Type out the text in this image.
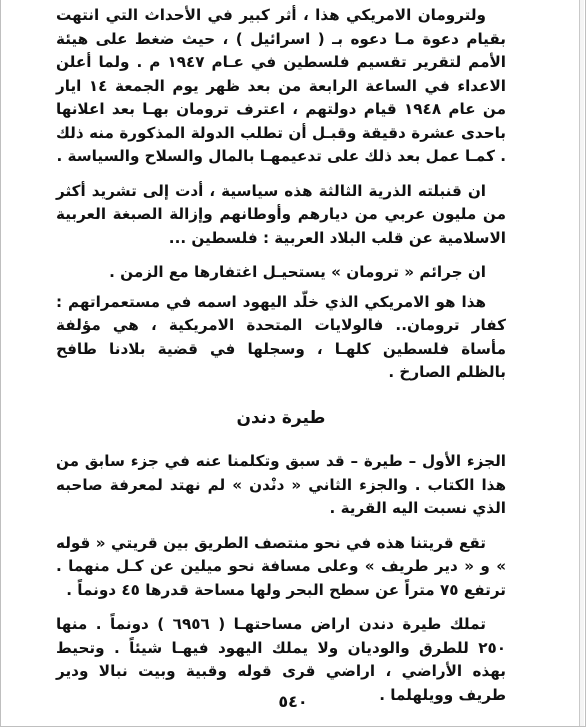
ولترومان الامريكي هذا ، أثر كبير في الأحداث التي انتهت بقيام دعوة مـا دعوه بـ ( اسرائيل ) ، حيث ضغط على هيئة الأمم لتقرير تقسيم فلسطين في عـام ١٩٤٧ م . ولما أعلن الاعداء في الساعة الرابعة من بعد ظهر يوم الجمعة ١٤ ايار من عام ١٩٤٨ قيام دولتهم ، اعترف ترومان بهـا بعد اعلانها باحدى عشرة دقيقة وقبـل أن تطلب الدولة المذكورة منه ذلك . كمـا عمل بعد ذلك على تدعيمهـا بالمال والسلاح والسياسة .

ان قنبلته الذرية الثالثة هذه سياسية ، أدت إلى تشريد أكثر من مليون عربي من ديارهم وأوطانهم وإزالة الصبغة العربية الاسلامية عن قلب البلاد العربية : فلسطين ...

ان جرائم « ترومان » يستحيـل اغتفارها مع الزمن .

هذا هو الامريكي الذي خلّد اليهود اسمه في مستعمراتهم : كفار ترومان.. فالولايات المتحدة الامريكية ، هي مؤلفة مأساة فلسطين كلهـا ، وسجلها في قضية بلادنا طافح بالظلم الصارخ .

طيرة دندن

الجزء الأول – طيرة – قد سبق وتكلمنا عنه في جزء سابق من هذا الكتاب . والجزء الثاني « دنْدن » لم نهتد لمعرفة صاحبه الذي نسبت اليه القرية .

تقع قريتنا هذه في نحو منتصف الطريق بين قريتي « قوله » و « دير طريف » وعلى مسافة نحو ميلين عن كـل منهما . ترتفع ٧٥ متراً عن سطح البحر ولها مساحة قدرها ٤٥ دونماً .

تملك طيرة دندن اراض مساحتهـا ( ٦٩٥٦ ) دونماً . منها ٢٥٠ للطرق والوديان ولا يملك اليهود فيهـا شيئاً . وتحيط بهذه الأراضي ، اراضي قرى قوله وقبية وبيت نبالا ودير طريف وويلهلما .

٥٤٠
